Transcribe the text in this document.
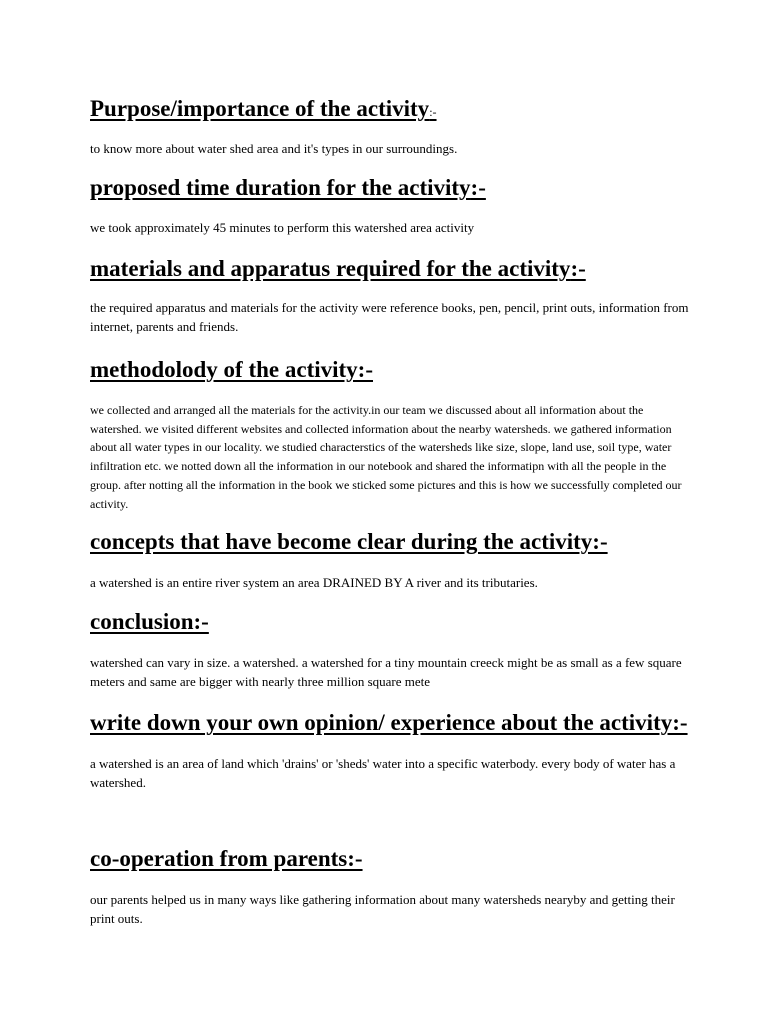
Purpose/importance of the activity:-

to know more about water shed area and it's types in our surroundings.

proposed time duration for the activity:-

we took approximately 45 minutes to perform this watershed area activity

materials and apparatus required for the activity:-

the required apparatus and materials for the activity were reference books, pen, pencil, print outs, information from internet, parents and friends.

methodolody of the activity:-

we collected and arranged all the materials for the activity.in our team we discussed about all information about the watershed. we visited different websites and collected information about the nearby watersheds. we gathered information about all water types in our locality. we studied characterstics of the watersheds like size, slope, land use, soil type, water infiltration etc. we notted down all the information in our notebook and shared the informatipn with all the people in the group. after notting all the information in the book we sticked some pictures and this is how we successfully completed our activity.

concepts that have become clear during the activity:-

a watershed is an entire river system an area DRAINED BY A river and its tributaries.

conclusion:-

watershed can vary in size. a watershed. a watershed for a tiny mountain creeck might be as small as a few square meters and same are bigger with nearly three million square mete

write down your own opinion/ experience about the activity:-

a watershed is an area of land which 'drains' or 'sheds' water into a specific waterbody. every body of water has a watershed.

co-operation from parents:-

our parents helped us in many ways like gathering information about many watersheds nearyby and getting their print outs.
